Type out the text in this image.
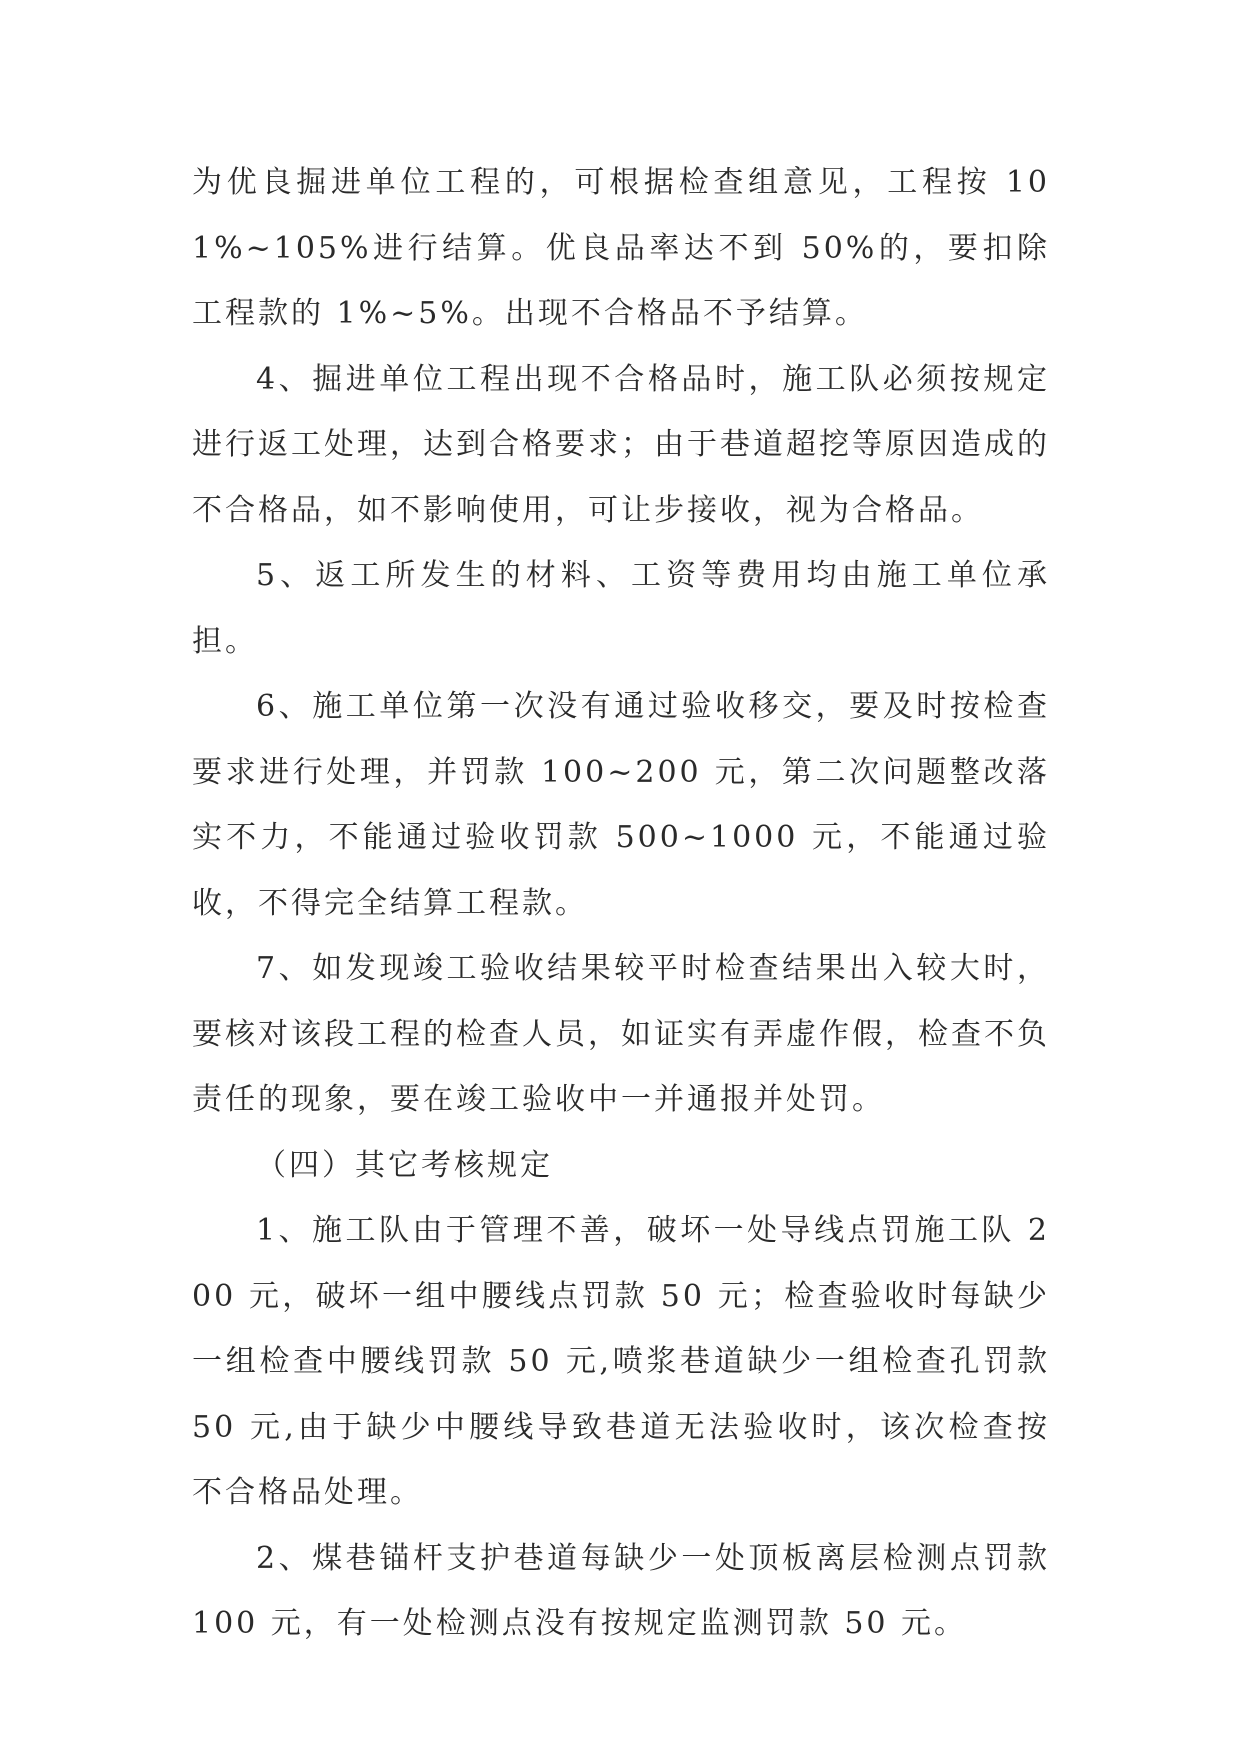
为优良掘进单位工程的，可根据检查组意见，工程按 101%~105%进行结算。优良品率达不到 50%的，要扣除工程款的 1%~5%。出现不合格品不予结算。

4、掘进单位工程出现不合格品时，施工队必须按规定进行返工处理，达到合格要求；由于巷道超挖等原因造成的不合格品，如不影响使用，可让步接收，视为合格品。

5、返工所发生的材料、工资等费用均由施工单位承担。

6、施工单位第一次没有通过验收移交，要及时按检查要求进行处理，并罚款 100~200 元，第二次问题整改落实不力，不能通过验收罚款 500~1000 元，不能通过验收，不得完全结算工程款。

7、如发现竣工验收结果较平时检查结果出入较大时，要核对该段工程的检查人员，如证实有弄虚作假，检查不负责任的现象，要在竣工验收中一并通报并处罚。

（四）其它考核规定

1、施工队由于管理不善，破坏一处导线点罚施工队 200 元，破坏一组中腰线点罚款 50 元；检查验收时每缺少一组检查中腰线罚款 50 元,喷浆巷道缺少一组检查孔罚款 50 元,由于缺少中腰线导致巷道无法验收时，该次检查按不合格品处理。

2、煤巷锚杆支护巷道每缺少一处顶板离层检测点罚款 100 元，有一处检测点没有按规定监测罚款 50 元。
